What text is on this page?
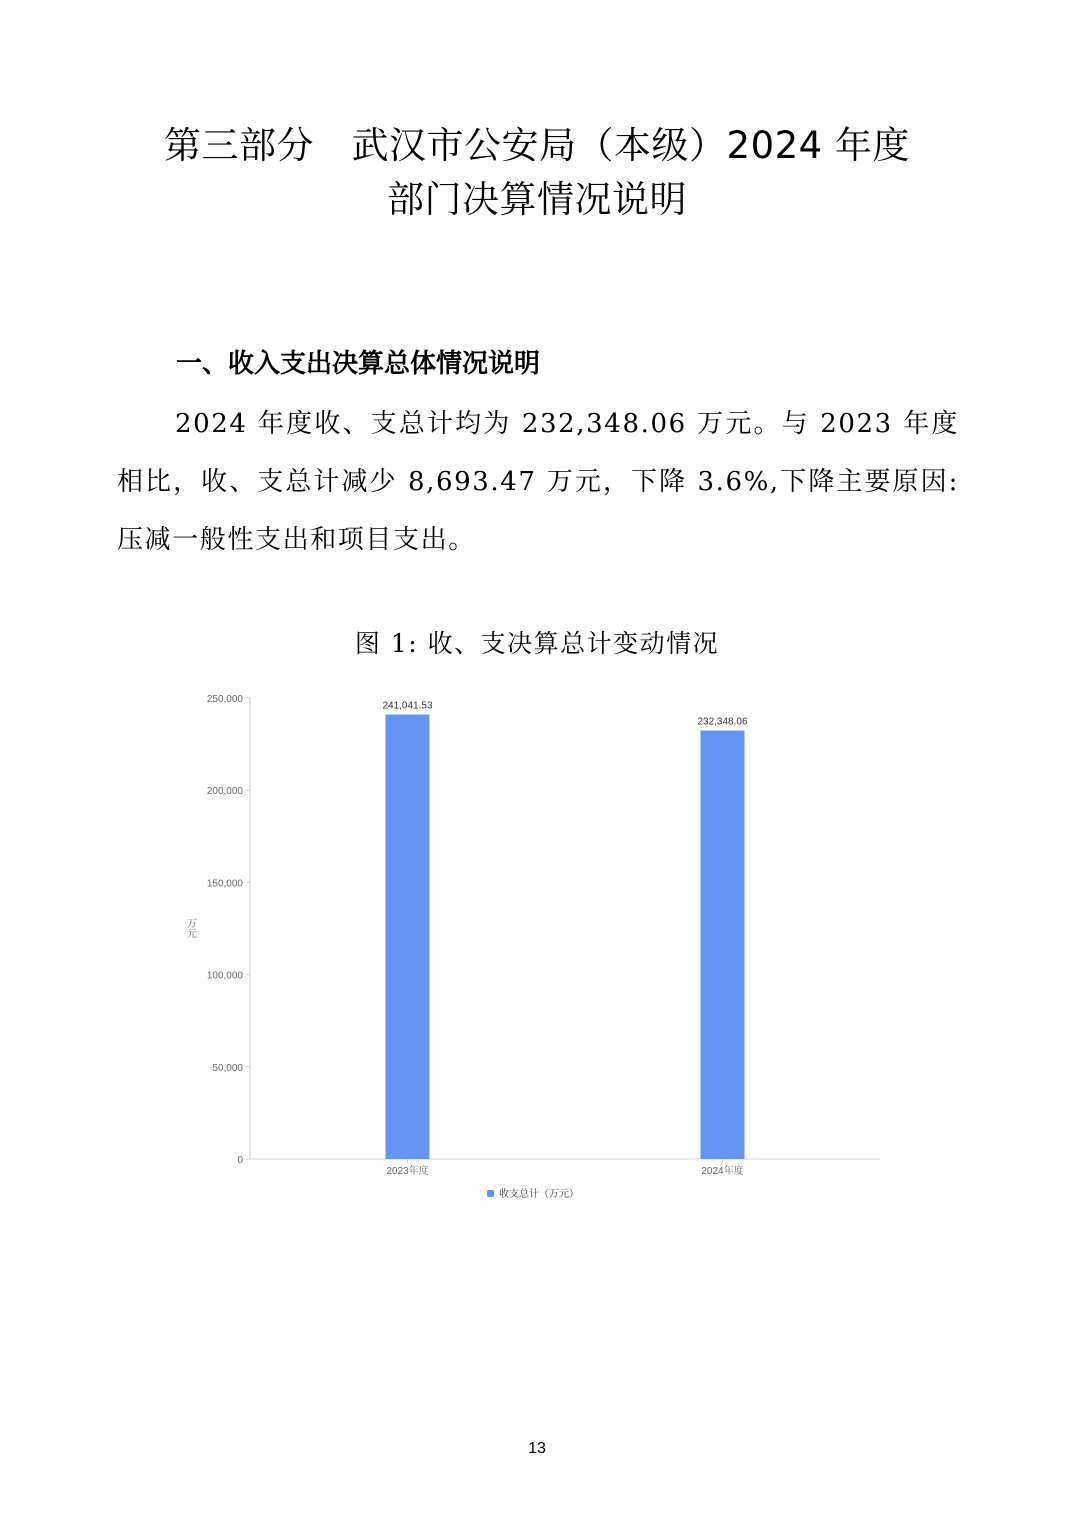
第三部分　武汉市公安局（本级）2024 年度
部门决算情况说明
一、收入支出决算总体情况说明

2024 年度收、支总计均为 232,348.06 万元。与 2023 年度相比，收、支总计减少 8,693.47 万元，下降 3.6%,下降主要原因:压减一般性支出和项目支出。

图 1: 收、支决算总计变动情况
0
50,000
100,000
150,000
200,000
250,000
万元
241,041.53
2023年度
232,348.06
2024年度
收支总计（万元）
13
